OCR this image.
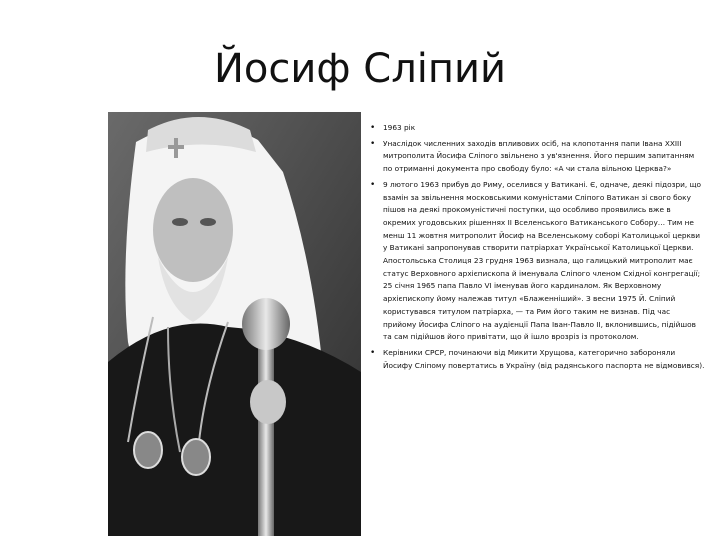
Йосиф Сліпий
• 1963 рік
• Унаслідок численних заходів впливових осіб, на клопотання папи Івана XXIII митрополита Йосифа Сліпого звільнено з ув'язнення. Його першим запитанням по отриманні документа про свободу було: «А чи стала вільною Церква?»
• 9 лютого 1963 прибув до Риму, оселився у Ватикані. Є, одначе, деякі підозри, що взамін за звільнення московськими комуністами Сліпого Ватикан зі свого боку пішов на деякі прокомуністичні поступки, що особливо проявились вже в окремих угодовських рішеннях II Вселенського Ватиканського Собору… Тим не менш 11 жовтня митрополит Йосиф на Вселенському соборі Католицької церкви у Ватикані запропонував створити патріархат Української Католицької Церкви. Апостольська Столиця 23 грудня 1963 визнала, що галицький митрополит має статус Верховного архієпископа й іменувала Сліпого членом Східної конгрегації; 25 січня 1965 папа Павло VI іменував його кардиналом. Як Верховному архієпископу йому належав титул «Блаженніший». З весни 1975 Й. Сліпий користувався титулом патріарха, — та Рим його таким не визнав. Під час прийому Йосифа Сліпого на аудієнції Папа Іван-Павло II, вклонившись, підійшов та сам підійшов його привітати, що й ішло врозріз із протоколом.
• Керівники СРСР, починаючи від Микити Хрущова, категорично забороняли Йосифу Сліпому повертатись в Україну (від радянського паспорта не відмовився).
